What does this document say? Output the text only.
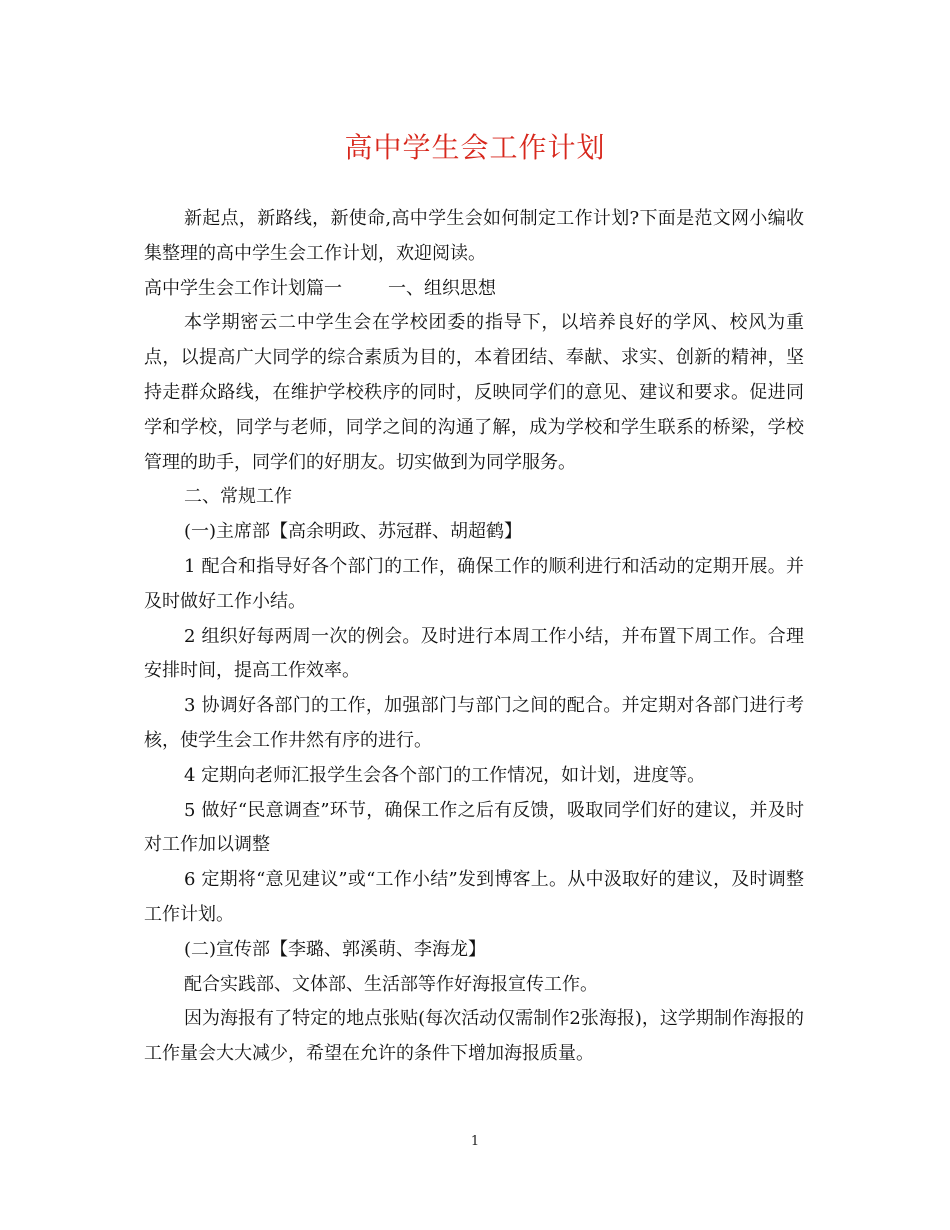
高中学生会工作计划

新起点，新路线，新使命,高中学生会如何制定工作计划?下面是范文网小编收集整理的高中学生会工作计划，欢迎阅读。

高中学生会工作计划篇一	一、组织思想

本学期密云二中学生会在学校团委的指导下，以培养良好的学风、校风为重点，以提高广大同学的综合素质为目的，本着团结、奉献、求实、创新的精神，坚持走群众路线，在维护学校秩序的同时，反映同学们的意见、建议和要求。促进同学和学校，同学与老师，同学之间的沟通了解，成为学校和学生联系的桥梁，学校管理的助手，同学们的好朋友。切实做到为同学服务。

二、常规工作

(一)主席部【高余明政、苏冠群、胡超鹤】

1 配合和指导好各个部门的工作，确保工作的顺利进行和活动的定期开展。并及时做好工作小结。

2 组织好每两周一次的例会。及时进行本周工作小结，并布置下周工作。合理安排时间，提高工作效率。

3 协调好各部门的工作，加强部门与部门之间的配合。并定期对各部门进行考核，使学生会工作井然有序的进行。

4 定期向老师汇报学生会各个部门的工作情况，如计划，进度等。

5 做好“民意调查”环节，确保工作之后有反馈，吸取同学们好的建议，并及时对工作加以调整

6 定期将“意见建议”或“工作小结”发到博客上。从中汲取好的建议，及时调整工作计划。

(二)宣传部【李璐、郭溪萌、李海龙】

配合实践部、文体部、生活部等作好海报宣传工作。

因为海报有了特定的地点张贴(每次活动仅需制作2张海报)，这学期制作海报的工作量会大大减少，希望在允许的条件下增加海报质量。

1
